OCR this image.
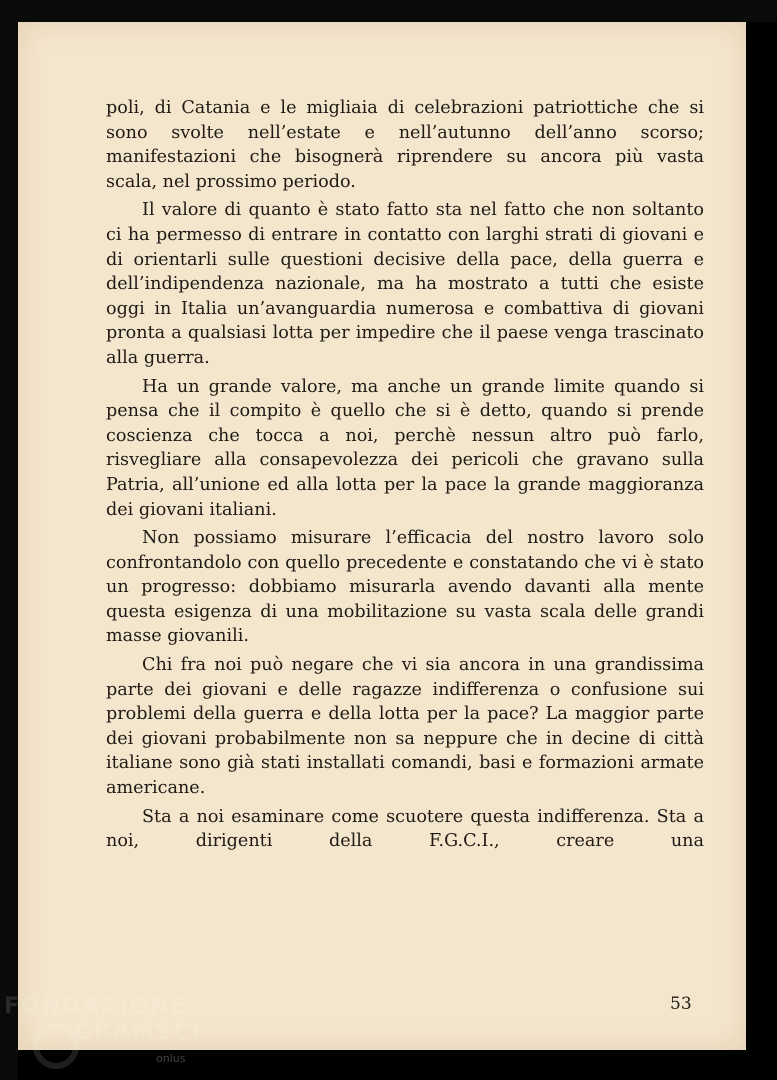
poli, di Catania e le migliaia di celebrazioni patriottiche che si sono svolte nell’estate e nell’autunno dell’anno scorso; manifestazioni che bisognerà riprendere su ancora più vasta scala, nel prossimo periodo.

Il valore di quanto è stato fatto sta nel fatto che non soltanto ci ha permesso di entrare in contatto con larghi strati di giovani e di orientarli sulle questioni decisive della pace, della guerra e dell’indipendenza nazionale, ma ha mostrato a tutti che esiste oggi in Italia un’avanguardia numerosa e combattiva di giovani pronta a qualsiasi lotta per impedire che il paese venga trascinato alla guerra.

Ha un grande valore, ma anche un grande limite quando si pensa che il compito è quello che si è detto, quando si prende coscienza che tocca a noi, perchè nessun altro può farlo, risvegliare alla consapevolezza dei pericoli che gravano sulla Patria, all’unione ed alla lotta per la pace la grande maggioranza dei giovani italiani.

Non possiamo misurare l’efficacia del nostro lavoro solo confrontandolo con quello precedente e constatando che vi è stato un progresso: dobbiamo misurarla avendo davanti alla mente questa esigenza di una mobilitazione su vasta scala delle grandi masse giovanili.

Chi fra noi può negare che vi sia ancora in una grandissima parte dei giovani e delle ragazze indifferenza o confusione sui problemi della guerra e della lotta per la pace? La maggior parte dei giovani probabilmente non sa neppure che in decine di città italiane sono già stati installati comandi, basi e formazioni armate americane.

Sta a noi esaminare come scuotere questa indifferenza. Sta a noi, dirigenti della F.G.C.I., creare una

53
FONDAZIONE
GRAMSCI
onlus
